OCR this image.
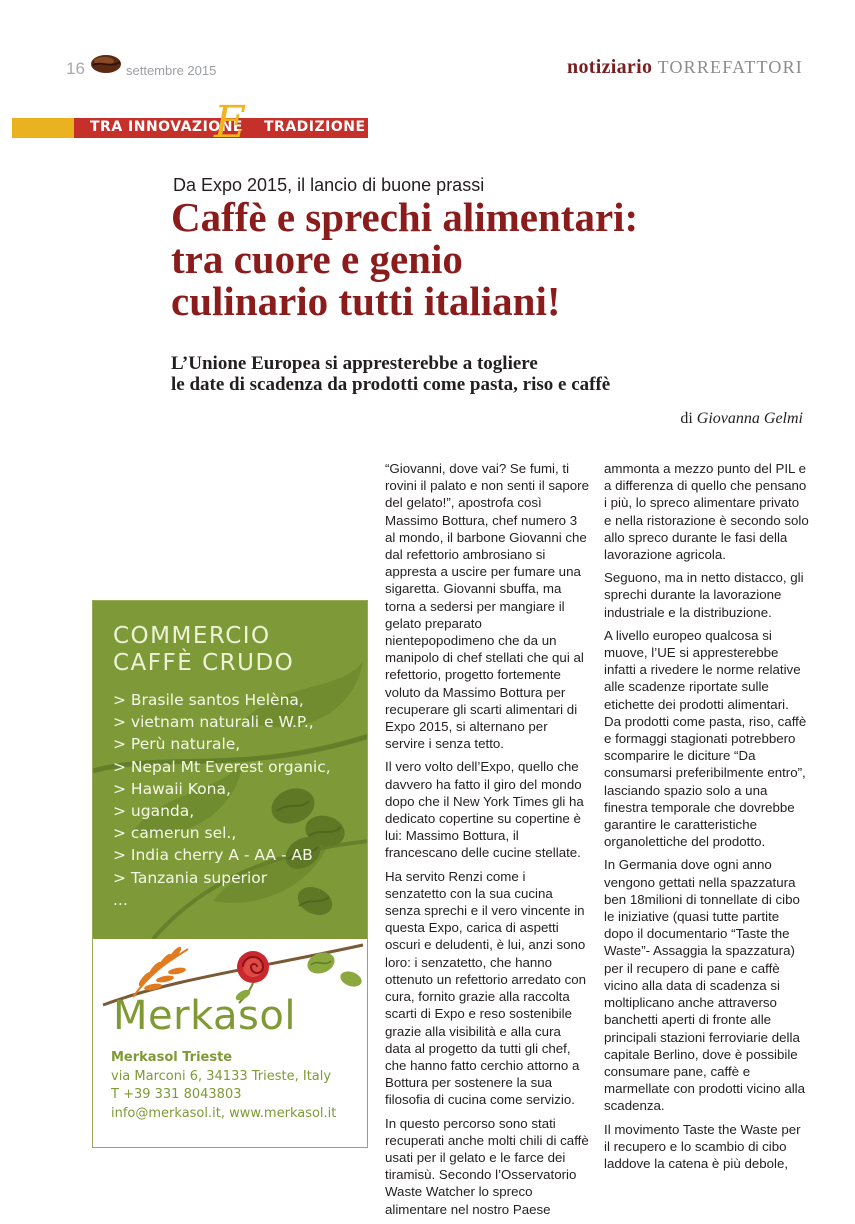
16	settembre 2015	notiziario TORREFATTORI
TRA INNOVAZIONE TRADIZIONE
E
Da Expo 2015, il lancio di buone prassi
Caffè e sprechi alimentari:
tra cuore e genio
culinario tutti italiani!
L’Unione Europea si appresterebbe a togliere
le date di scadenza da prodotti come pasta, riso e caffè
di Giovanna Gelmi
COMMERCIO
CAFFÈ CRUDO
> Brasile santos Helèna,
> vietnam naturali e W.P.,
> Perù naturale,
> Nepal Mt Everest organic,
> Hawaii Kona,
> uganda,
> camerun sel.,
> India cherry A - AA - AB
> Tanzania superior
...
Merkasol
Merkasol Trieste
via Marconi 6, 34133 Trieste, Italy
T +39 331 8043803
info@merkasol.it, www.merkasol.it

“Giovanni, dove vai? Se fumi, ti rovini il palato e non senti il sapore del gelato!”, apostrofa così Massimo Bottura, chef numero 3 al mondo, il barbone Giovanni che dal refettorio ambrosiano si appresta a uscire per fumare una sigaretta. Giovanni sbuffa, ma torna a sedersi per mangiare il gelato preparato nientepopodimeno che da un manipolo di chef stellati che qui al refettorio, progetto fortemente voluto da Massimo Bottura per recuperare gli scarti alimentari di Expo 2015, si alternano per servire i senza tetto.

Il vero volto dell’Expo, quello che davvero ha fatto il giro del mondo dopo che il New York Times gli ha dedicato copertine su copertine è lui: Massimo Bottura, il francescano delle cucine stellate.

Ha servito Renzi come i senzatetto con la sua cucina senza sprechi e il vero vincente in questa Expo, carica di aspetti oscuri e deludenti, è lui, anzi sono loro: i senzatetto, che hanno ottenuto un refettorio arredato con cura, fornito grazie alla raccolta scarti di Expo e reso sostenibile grazie alla visibilità e alla cura data al progetto da tutti gli chef, che hanno fatto cerchio attorno a Bottura per sostenere la sua filosofia di cucina come servizio.

In questo percorso sono stati recuperati anche molti chili di caffè usati per il gelato e le farce dei tiramisù. Secondo l’Osservatorio Waste Watcher lo spreco alimentare nel nostro Paese

ammonta a mezzo punto del PIL e a differenza di quello che pensano i più, lo spreco alimentare privato e nella ristorazione è secondo solo allo spreco durante le fasi della lavorazione agricola.

Seguono, ma in netto distacco, gli sprechi durante la lavorazione industriale e la distribuzione.

A livello europeo qualcosa si muove, l’UE si appresterebbe infatti a rivedere le norme relative alle scadenze riportate sulle etichette dei prodotti alimentari.
Da prodotti come pasta, riso, caffè e formaggi stagionati potrebbero scomparire le diciture “Da consumarsi preferibilmente entro”, lasciando spazio solo a una finestra temporale che dovrebbe garantire le caratteristiche organolettiche del prodotto.

In Germania dove ogni anno vengono gettati nella spazzatura ben 18milioni di tonnellate di cibo le iniziative (quasi tutte partite dopo il documentario “Taste the Waste”- Assaggia la spazzatura) per il recupero di pane e caffè vicino alla data di scadenza si moltiplicano anche attraverso banchetti aperti di fronte alle principali stazioni ferroviarie della capitale Berlino, dove è possibile consumare pane, caffè e marmellate con prodotti vicino alla scadenza.

Il movimento Taste the Waste per il recupero e lo scambio di cibo laddove la catena è più debole,
